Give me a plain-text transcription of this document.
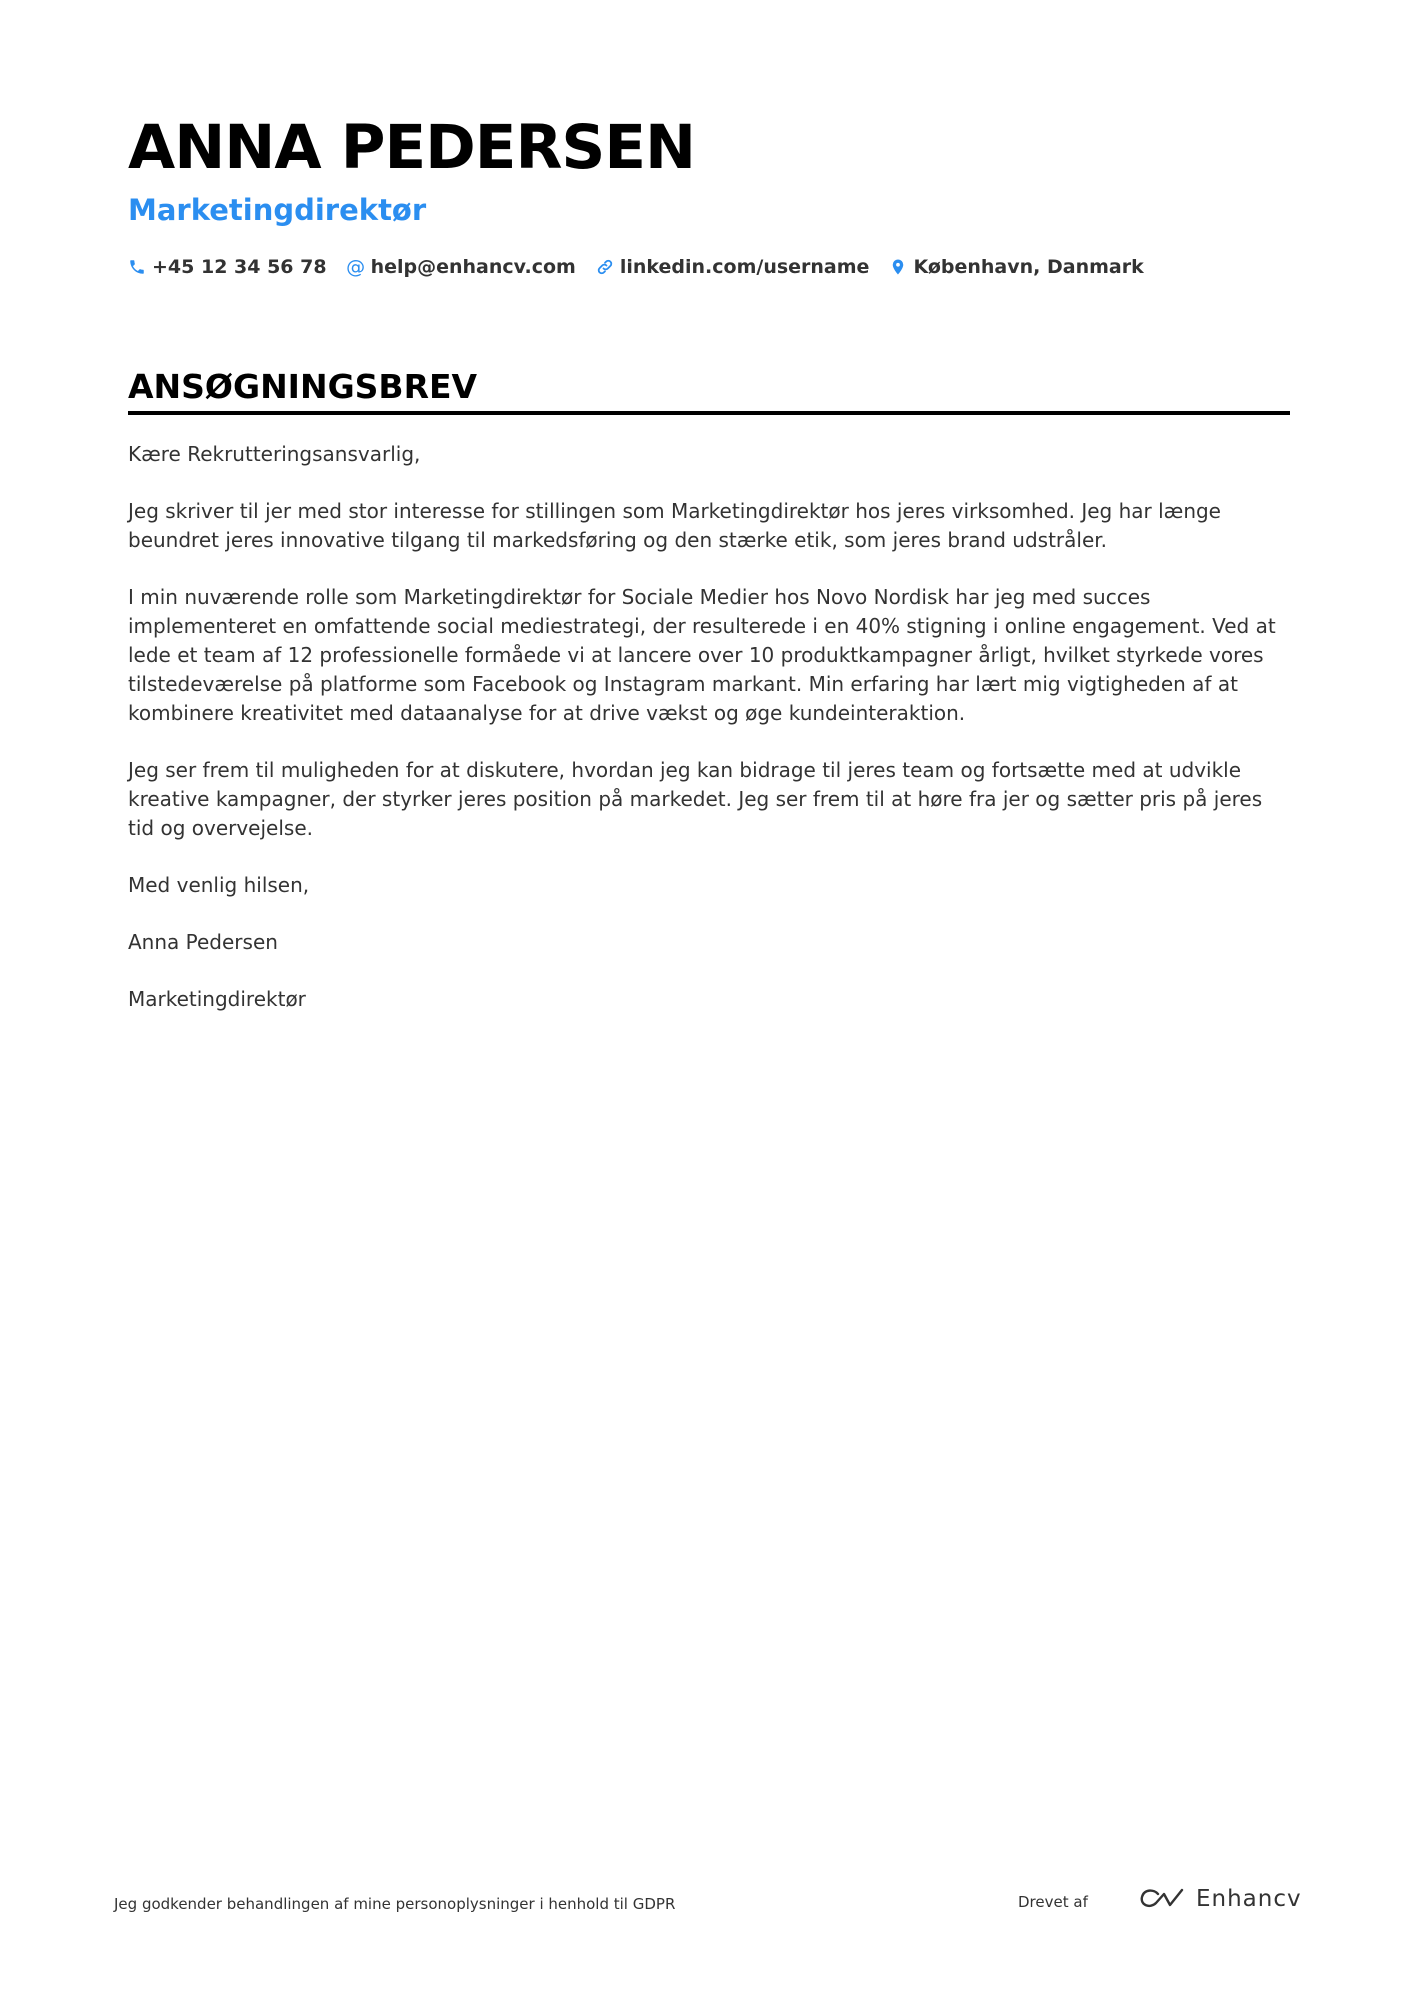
ANNA PEDERSEN
Marketingdirektør
+45 12 34 56 78 @ help@enhancv.com linkedin.com/username København, Danmark
ANSØGNINGSBREV

Kære Rekrutteringsansvarlig,

Jeg skriver til jer med stor interesse for stillingen som Marketingdirektør hos jeres virksomhed. Jeg har længe beundret jeres innovative tilgang til markedsføring og den stærke etik, som jeres brand udstråler.

I min nuværende rolle som Marketingdirektør for Sociale Medier hos Novo Nordisk har jeg med succes implementeret en omfattende social mediestrategi, der resulterede i en 40% stigning i online engagement. Ved at lede et team af 12 professionelle formåede vi at lancere over 10 produktkampagner årligt, hvilket styrkede vores tilstedeværelse på platforme som Facebook og Instagram markant. Min erfaring har lært mig vigtigheden af at kombinere kreativitet med dataanalyse for at drive vækst og øge kundeinteraktion.

Jeg ser frem til muligheden for at diskutere, hvordan jeg kan bidrage til jeres team og fortsætte med at udvikle kreative kampagner, der styrker jeres position på markedet. Jeg ser frem til at høre fra jer og sætter pris på jeres tid og overvejelse.

Med venlig hilsen,

Anna Pedersen

Marketingdirektør

Jeg godkender behandlingen af mine personoplysninger i henhold til GDPR	Drevet af	Enhancv
